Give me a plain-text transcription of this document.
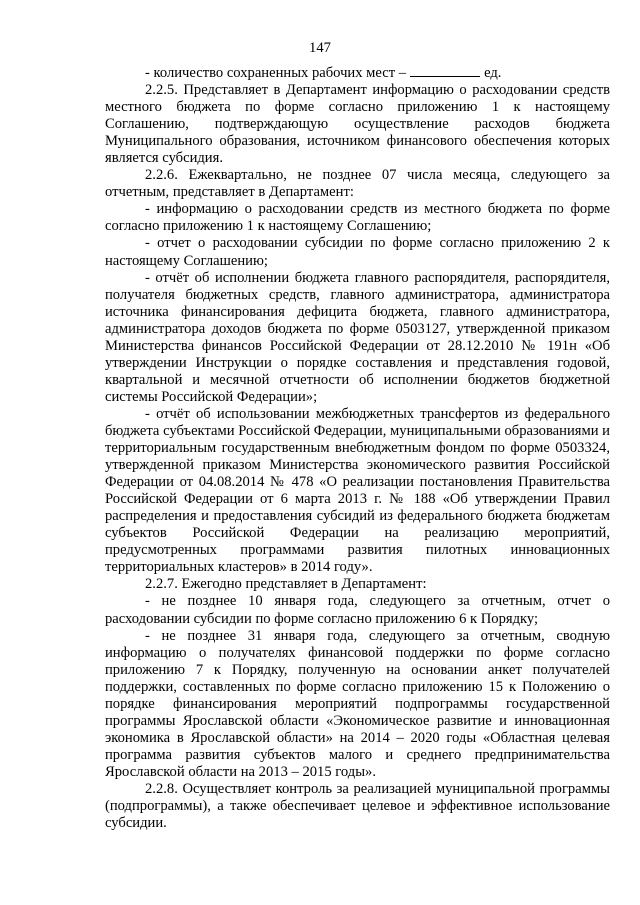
147

- количество сохраненных рабочих мест –	ед.

2.2.5. Представляет в Департамент информацию о расходовании средств местного бюджета по форме согласно приложению 1 к настоящему Соглашению, подтверждающую осуществление расходов бюджета Муниципального образования, источником финансового обеспечения которых является субсидия.

2.2.6. Ежеквартально, не позднее 07 числа месяца, следующего за отчетным, представляет в Департамент:

- информацию о расходовании средств из местного бюджета по форме согласно приложению 1 к настоящему Соглашению;

- отчет о расходовании субсидии по форме согласно приложению 2 к настоящему Соглашению;

- отчёт об исполнении бюджета главного распорядителя, распорядителя, получателя бюджетных средств, главного администратора, администратора источника финансирования дефицита бюджета, главного администратора, администратора доходов бюджета по форме 0503127, утвержденной приказом Министерства финансов Российской Федерации от 28.12.2010 № 191н «Об утверждении Инструкции о порядке составления и представления годовой, квартальной и месячной отчетности об исполнении бюджетов бюджетной системы Российской Федерации»;

- отчёт об использовании межбюджетных трансфертов из федерального бюджета субъектами Российской Федерации, муниципальными образованиями и территориальным государственным внебюджетным фондом по форме 0503324, утвержденной приказом Министерства экономического развития Российской Федерации от 04.08.2014 № 478 «О реализации постановления Правительства Российской Федерации от 6 марта 2013 г. № 188 «Об утверждении Правил распределения и предоставления субсидий из федерального бюджета бюджетам субъектов Российской Федерации на реализацию мероприятий, предусмотренных программами развития пилотных инновационных территориальных кластеров» в 2014 году».

2.2.7. Ежегодно представляет в Департамент:

- не позднее 10 января года, следующего за отчетным, отчет о расходовании субсидии по форме согласно приложению 6 к Порядку;

- не позднее 31 января года, следующего за отчетным, сводную информацию о получателях финансовой поддержки по форме согласно приложению 7 к Порядку, полученную на основании анкет получателей поддержки, составленных по форме согласно приложению 15 к Положению о порядке финансирования мероприятий подпрограммы государственной программы Ярославской области «Экономическое развитие и инновационная экономика в Ярославской области» на 2014 – 2020 годы «Областная целевая программа развития субъектов малого и среднего предпринимательства Ярославской области на 2013 – 2015 годы».

2.2.8. Осуществляет контроль за реализацией муниципальной программы (подпрограммы), а также обеспечивает целевое и эффективное использование субсидии.
